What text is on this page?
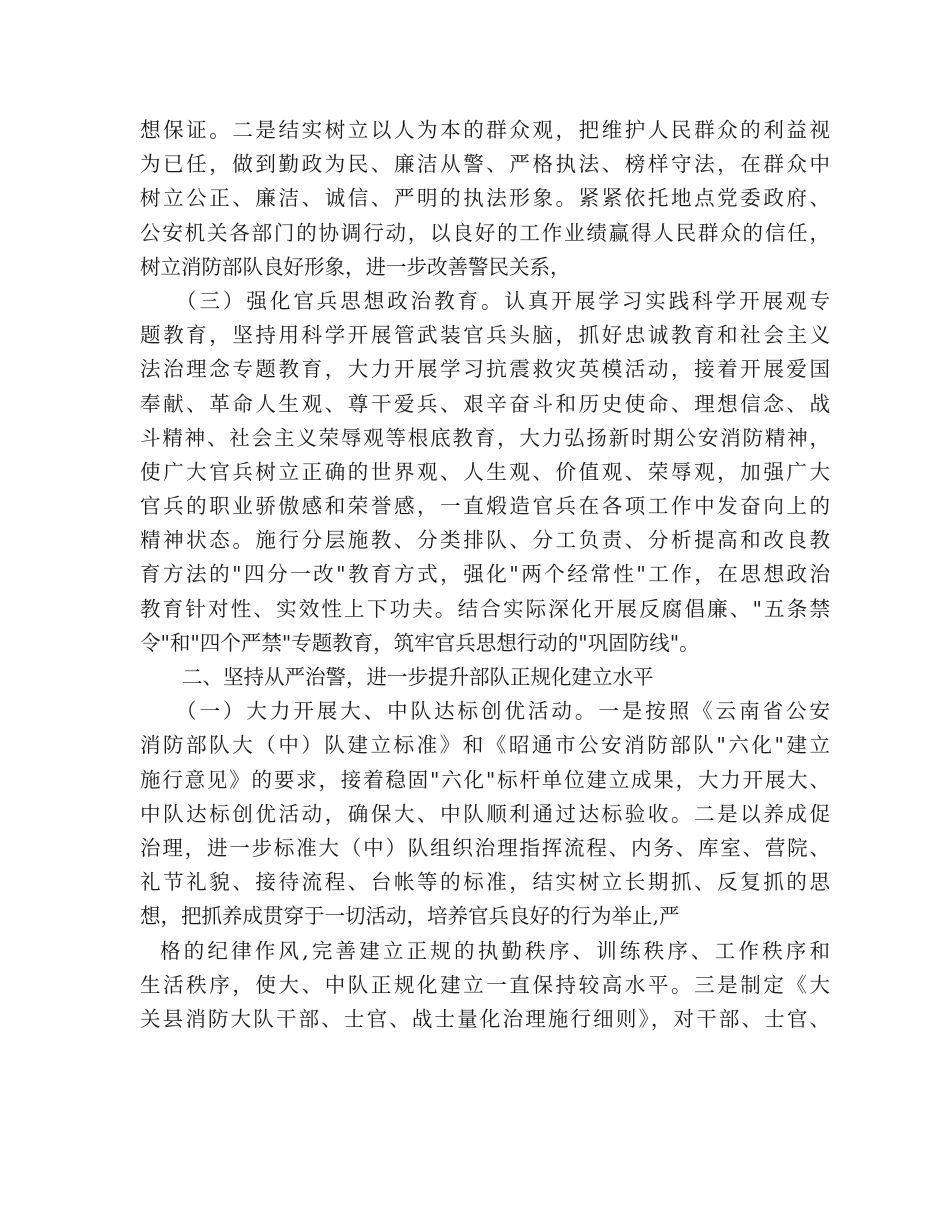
想保证。二是结实树立以人为本的群众观，把维护人民群众的利益视
为已任，做到勤政为民、廉洁从警、严格执法、榜样守法，在群众中
树立公正、廉洁、诚信、严明的执法形象。紧紧依托地点党委政府、
公安机关各部门的协调行动，以良好的工作业绩赢得人民群众的信任，
树立消防部队良好形象，进一步改善警民关系，
（三）强化官兵思想政治教育。认真开展学习实践科学开展观专
题教育，坚持用科学开展管武装官兵头脑，抓好忠诚教育和社会主义
法治理念专题教育，大力开展学习抗震救灾英模活动，接着开展爱国
奉献、革命人生观、尊干爱兵、艰辛奋斗和历史使命、理想信念、战
斗精神、社会主义荣辱观等根底教育，大力弘扬新时期公安消防精神，
使广大官兵树立正确的世界观、人生观、价值观、荣辱观，加强广大
官兵的职业骄傲感和荣誉感，一直煅造官兵在各项工作中发奋向上的
精神状态。施行分层施教、分类排队、分工负责、分析提高和改良教
育方法的"四分一改"教育方式，强化"两个经常性"工作，在思想政治
教育针对性、实效性上下功夫。结合实际深化开展反腐倡廉、"五条禁
令"和"四个严禁"专题教育，筑牢官兵思想行动的"巩固防线"。
二、坚持从严治警，进一步提升部队正规化建立水平
（一）大力开展大、中队达标创优活动。一是按照《云南省公安
消防部队大（中）队建立标准》和《昭通市公安消防部队"六化"建立
施行意见》的要求，接着稳固"六化"标杆单位建立成果，大力开展大、
中队达标创优活动，确保大、中队顺利通过达标验收。二是以养成促
治理，进一步标准大（中）队组织治理指挥流程、内务、库室、营院、
礼节礼貌、接待流程、台帐等的标准，结实树立长期抓、反复抓的思
想，把抓养成贯穿于一切活动，培养官兵良好的行为举止,严
格的纪律作风,完善建立正规的执勤秩序、训练秩序、工作秩序和
生活秩序，使大、中队正规化建立一直保持较高水平。三是制定《大
关县消防大队干部、士官、战士量化治理施行细则》，对干部、士官、
